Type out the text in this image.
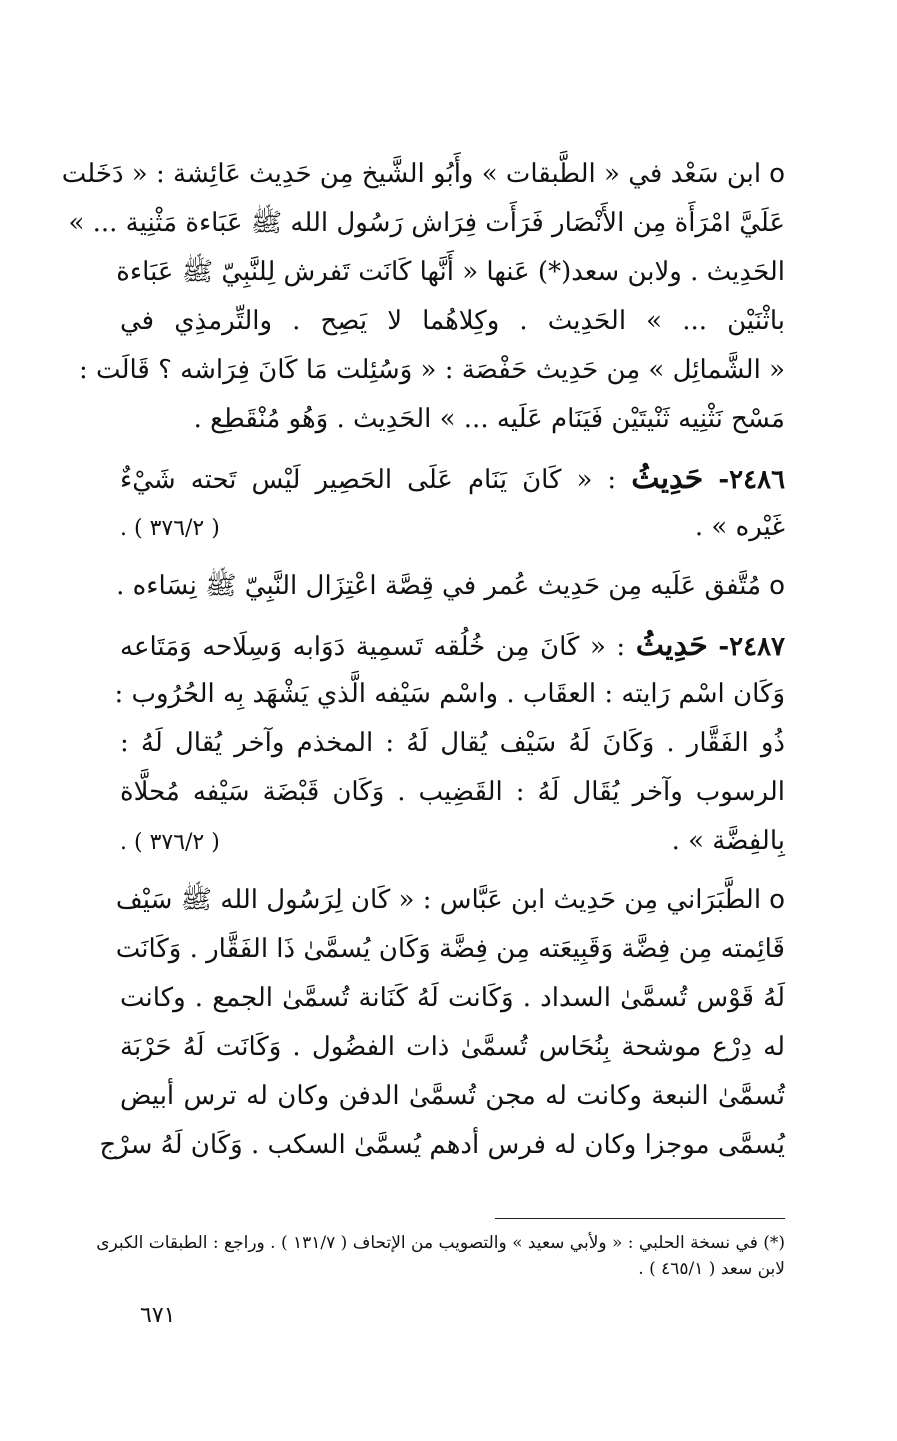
oابن سَعْد في « الطَّبقات » وأَبُو الشَّيخ مِن حَدِيث عَائِشة : « دَخَلت
عَلَيَّ امْرَأَة مِن الأَنْصَار فَرَأَت فِرَاش رَسُول الله ﷺ عَبَاءة مَثْنِية ... »
الحَدِيث . ولابن سعد(*) عَنها « أَنَّها كَانَت تَفرش لِلنَّبِيّ ﷺ عَبَاءة
باثْنَيْن ... » الحَدِيث . وكِلاهُما لا يَصِح . والتِّرمذِي في
« الشَّمائِل » مِن حَدِيث حَفْصَة : « وَسُئِلت مَا كَانَ فِرَاشه ؟ قَالَت :
مَسْح نَثْنِيه ثَنْيتَيْن فَيَنَام عَلَيه ... » الحَدِيث . وَهُو مُنْقَطِع .
٢٤٨٦- حَدِيثُ : « كَانَ يَنَام عَلَى الحَصِير لَيْس تَحته شَيْءٌ
غَيْره » .
( ٣٧٦/٢ ) .
oمُتَّفق عَلَيه مِن حَدِيث عُمر في قِصَّة اعْتِزَال النَّبِيّ ﷺ نِسَاءه .
٢٤٨٧- حَدِيثُ : « كَانَ مِن خُلُقه تَسمِية دَوَابه وَسِلَاحه وَمَتَاعه
وَكَان اسْم رَايته : العقَاب . واسْم سَيْفه الَّذي يَشْهَد بِه الحُرُوب :
ذُو الفَقَّار . وَكَانَ لَهُ سَيْف يُقال لَهُ : المخذم وآخر يُقال لَهُ :
الرسوب وآخر يُقَال لَهُ : القَضِيب . وَكَان قَبْضَة سَيْفه مُحلَّاة
بِالفِضَّة » .
( ٣٧٦/٢ ) .
oالطَّبَرَاني مِن حَدِيث ابن عَبَّاس : « كَان لِرَسُول الله ﷺ سَيْف
قَائِمته مِن فِضَّة وَقَبِيعَته مِن فِضَّة وَكَان يُسمَّىٰ ذَا الفَقَّار . وَكَانَت
لَهُ قَوْس تُسمَّىٰ السداد . وَكَانت لَهُ كَنَانة تُسمَّىٰ الجمع . وكانت
له دِرْع موشحة بِنُحَاس تُسمَّىٰ ذات الفضُول . وَكَانَت لَهُ حَرْبَة
تُسمَّىٰ النبعة وكانت له مجن تُسمَّىٰ الدفن وكان له ترس أبيض
يُسمَّى موجزا وكان له فرس أدهم يُسمَّىٰ السكب . وَكَان لَهُ سرْج
(*) في نسخة الحلبي : « ولأبي سعيد » والتصويب من الإتحاف ( ١٣١/٧ ) . وراجع : الطبقات الكبرى
لابن سعد ( ٤٦٥/١ ) .
٦٧١
